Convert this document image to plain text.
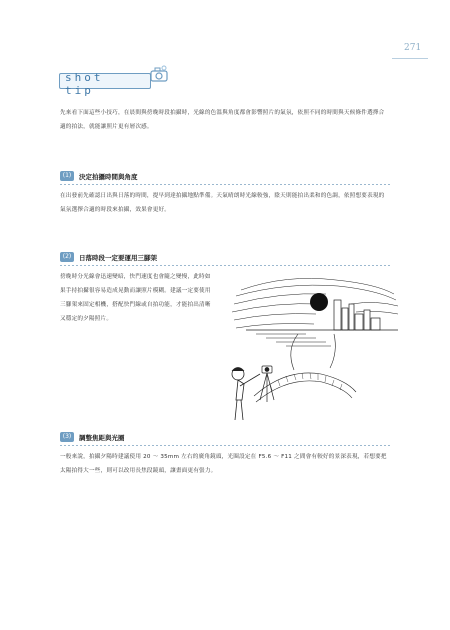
271
shot tip
先來看下面這些小技巧，在晨間與傍晚時段拍攝時，光線的色溫與角度都會影響照片的氣氛，依照不同的時間與天候條件選擇合適的拍法，就能讓照片更有層次感。
(1)	決定拍攝時間與角度
在出發前先確認日出與日落的時間，提早到達拍攝地點準備。天氣晴朗時光線較強，陰天則能拍出柔和的色調，依照想要表現的氣氛選擇合適的時段來拍攝，效果會更好。
(2)	日落時段一定要運用三腳架
傍晚時分光線會迅速變暗，快門速度也會隨之變慢，此時如果手持拍攝很容易造成晃動而讓照片模糊。建議一定要使用三腳架來固定相機，搭配快門線或自拍功能，才能拍出清晰又穩定的夕陽照片。
(3)	調整焦距與光圈
一般來說，拍攝夕陽時建議使用 20 ～ 35mm 左右的廣角鏡頭，光圈設定在 F5.6 ～ F11 之間會有較好的景深表現，若想要把太陽拍得大一些，則可以改用長焦段鏡頭，讓畫面更有張力。
